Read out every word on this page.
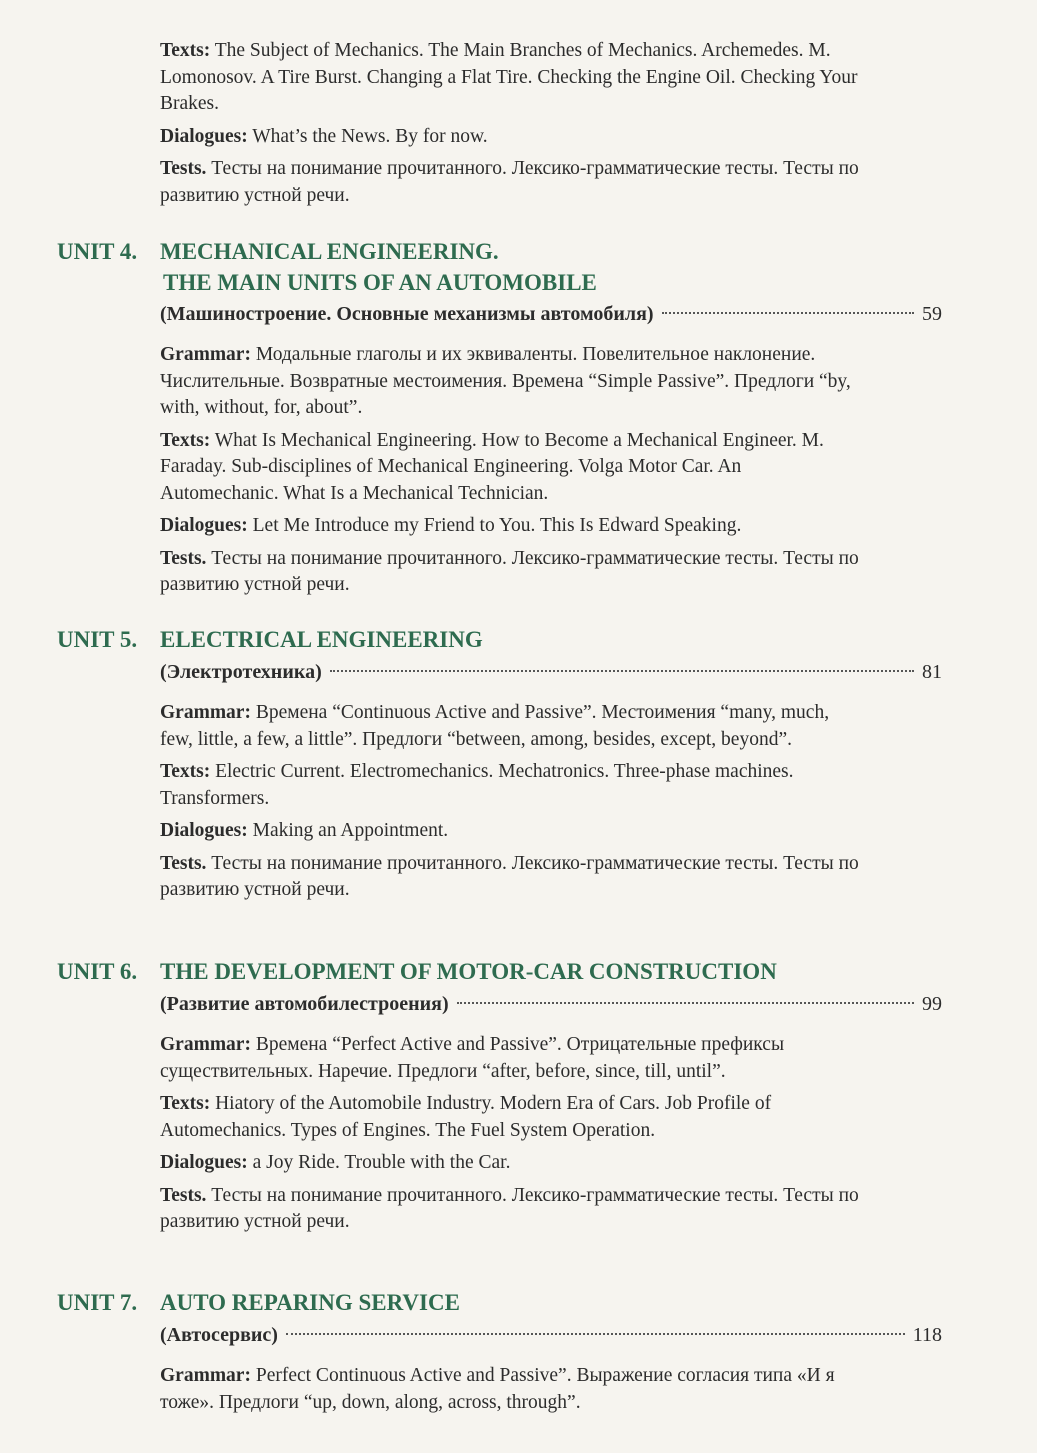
Texts: The Subject of Mechanics. The Main Branches of Mechanics. Archemedes. M. Lomonosov. A Tire Burst. Changing a Flat Tire. Checking the Engine Oil. Checking Your Brakes.

Dialogues: What’s the News. By for now.

Tests. Тесты на понимание прочитанного. Лексико-грамматические тесты. Тесты по развитию устной речи.

UNIT 4. MECHANICAL ENGINEERING.
THE MAIN UNITS OF AN AUTOMOBILE
(Машиностроение. Основные механизмы автомобиля)	59

Grammar: Модальные глаголы и их эквиваленты. Повелительное наклонение. Числительные. Возвратные местоимения. Времена “Simple Passive”. Предлоги “by, with, without, for, about”.

Texts: What Is Mechanical Engineering. How to Become a Mechanical Engineer. M. Faraday. Sub-disciplines of Mechanical Engineering. Volga Motor Car. An Automechanic. What Is a Mechanical Technician.

Dialogues: Let Me Introduce my Friend to You. This Is Edward Speaking.

Tests. Тесты на понимание прочитанного. Лексико-грамматические тесты. Тесты по развитию устной речи.

UNIT 5. ELECTRICAL ENGINEERING
(Электротехника)	81

Grammar: Времена “Continuous Active and Passive”. Местоимения “many, much, few, little, a few, a little”. Предлоги “between, among, besides, except, beyond”.

Texts: Electric Current. Electromechanics. Mechatronics. Three-phase machines. Transformers.

Dialogues: Making an Appointment.

Tests. Тесты на понимание прочитанного. Лексико-грамматические тесты. Тесты по развитию устной речи.

UNIT 6. THE DEVELOPMENT OF MOTOR-CAR CONSTRUCTION
(Развитие автомобилестроения)	99

Grammar: Времена “Perfect Active and Passive”. Отрицательные префиксы существительных. Наречие. Предлоги “after, before, since, till, until”.

Texts: Hiatory of the Automobile Industry. Modern Era of Cars. Job Profile of Automechanics. Types of Engines. The Fuel System Operation.

Dialogues: a Joy Ride. Trouble with the Car.

Tests. Тесты на понимание прочитанного. Лексико-грамматические тесты. Тесты по развитию устной речи.

UNIT 7. AUTO REPARING SERVICE
(Автосервис)	118

Grammar: Perfect Continuous Active and Passive”. Выражение согласия типа «И я тоже». Предлоги “up, down, along, across, through”.
